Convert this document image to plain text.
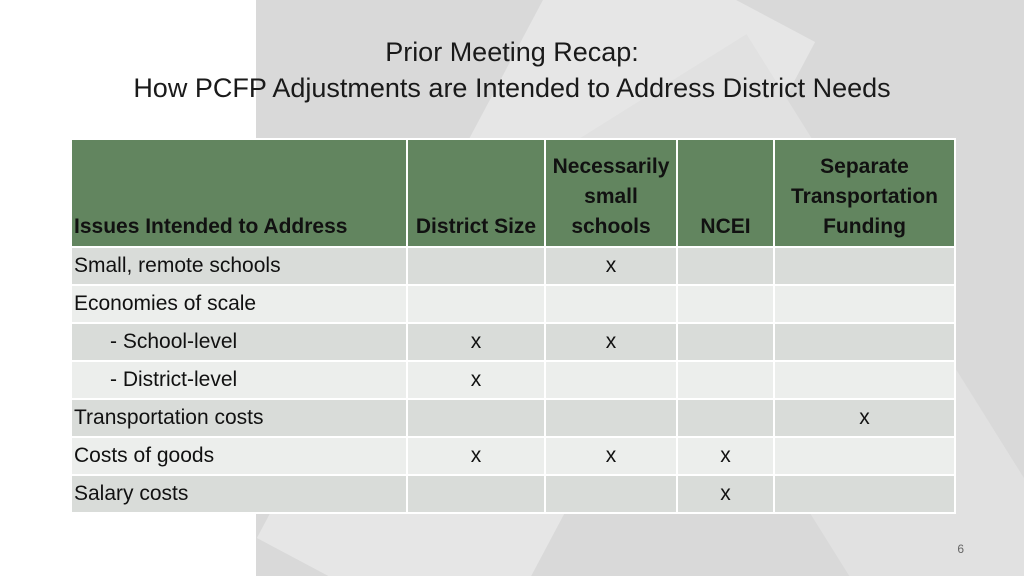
Prior Meeting Recap:
How PCFP Adjustments are Intended to Address District Needs
Issues Intended to Address	District Size	Necessarily small schools	NCEI	Separate Transportation Funding
Small, remote schools		x		
Economies of scale				
- School-level	x	x		
- District-level	x			
Transportation costs				x
Costs of goods	x	x	x	
Salary costs			x	
6
